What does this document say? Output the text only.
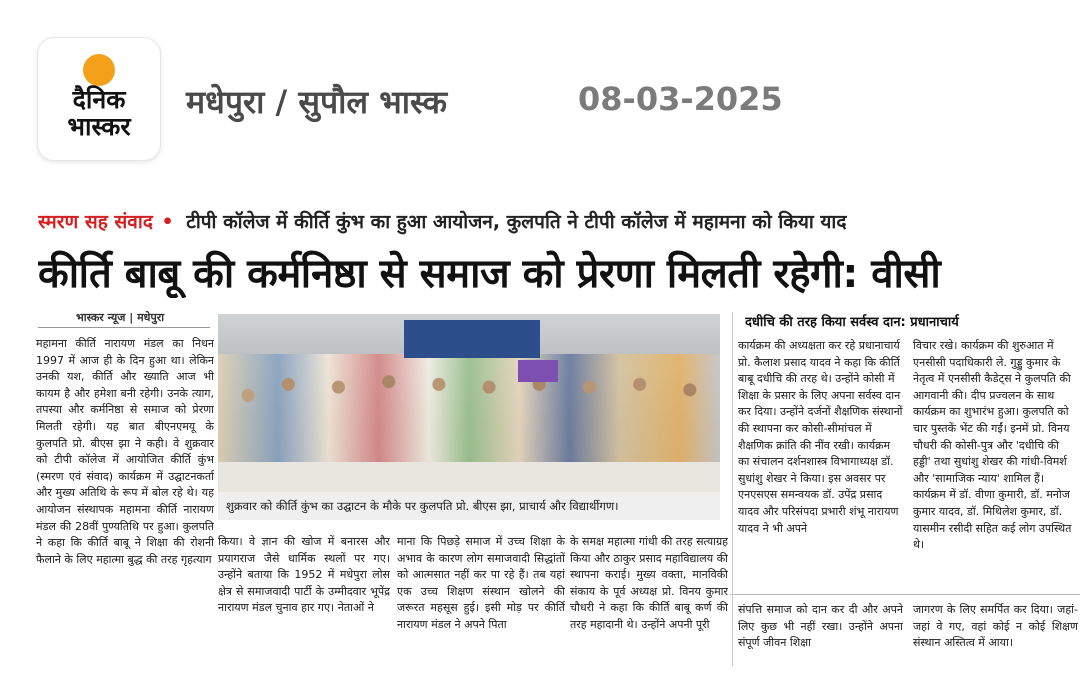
दैनिक भास्कर
मधेपुरा / सुपौल भास्क	08-03-2025
स्मरण सह संवाद • टीपी कॉलेज में कीर्ति कुंभ का हुआ आयोजन, कुलपति ने टीपी कॉलेज में महामना को किया याद
कीर्ति बाबू की कर्मनिष्ठा से समाज को प्रेरणा मिलती रहेगी: वीसी
भास्कर न्यूज | मधेपुरा
महामना कीर्ति नारायण मंडल का निधन 1997 में आज ही के दिन हुआ था। लेकिन उनकी यश, कीर्ति और ख्याति आज भी कायम है और हमेशा बनी रहेगी। उनके त्याग, तपस्या और कर्मनिष्ठा से समाज को प्रेरणा मिलती रहेगी। यह बात बीएनएमयू के कुलपति प्रो. बीएस झा ने कही। वे शुक्रवार को टीपी कॉलेज में आयोजित कीर्ति कुंभ (स्मरण एवं संवाद) कार्यक्रम में उद्घाटनकर्ता और मुख्य अतिथि के रूप में बोल रहे थे। यह आयोजन संस्थापक महामना कीर्ति नारायण मंडल की 28वीं पुण्यतिथि पर हुआ। कुलपति ने कहा कि कीर्ति बाबू ने शिक्षा की रोशनी फैलाने के लिए महात्मा बुद्ध की तरह गृहत्याग
शुक्रवार को कीर्ति कुंभ का उद्घाटन के मौके पर कुलपति प्रो. बीएस झा, प्राचार्य और विद्यार्थीगण।
किया। वे ज्ञान की खोज में बनारस और प्रयागराज जैसे धार्मिक स्थलों पर गए। उन्होंने बताया कि 1952 में मधेपुरा लोस क्षेत्र से समाजवादी पार्टी के उम्मीदवार भूपेंद्र नारायण मंडल चुनाव हार गए। नेताओं ने
माना कि पिछड़े समाज में उच्च शिक्षा के अभाव के कारण लोग समाजवादी सिद्धांतों को आत्मसात नहीं कर पा रहे हैं। तब यहां एक उच्च शिक्षण संस्थान खोलने की जरूरत महसूस हुई। इसी मोड़ पर कीर्ति नारायण मंडल ने अपने पिता
के समक्ष महात्मा गांधी की तरह सत्याग्रह किया और ठाकुर प्रसाद महाविद्यालय की स्थापना कराई। मुख्य वक्ता, मानविकी संकाय के पूर्व अध्यक्ष प्रो. विनय कुमार चौधरी ने कहा कि कीर्ति बाबू कर्ण की तरह महादानी थे। उन्होंने अपनी पूरी
दधीचि की तरह किया सर्वस्व दान: प्रधानाचार्य
कार्यक्रम की अध्यक्षता कर रहे प्रधानाचार्य प्रो. कैलाश प्रसाद यादव ने कहा कि कीर्ति बाबू दधीचि की तरह थे। उन्होंने कोसी में शिक्षा के प्रसार के लिए अपना सर्वस्व दान कर दिया। उन्होंने दर्जनों शैक्षणिक संस्थानों की स्थापना कर कोसी-सीमांचल में शैक्षणिक क्रांति की नींव रखी। कार्यक्रम का संचालन दर्शनशास्त्र विभागाध्यक्ष डॉ. सुधांशु शेखर ने किया। इस अवसर पर एनएसएस समन्वयक डॉ. उपेंद्र प्रसाद यादव और परिसंपदा प्रभारी शंभू नारायण यादव ने भी अपने
विचार रखे। कार्यक्रम की शुरुआत में एनसीसी पदाधिकारी ले. गुड्डु कुमार के नेतृत्व में एनसीसी कैडेट्स ने कुलपति की आगवानी की। दीप प्रज्वलन के साथ कार्यक्रम का शुभारंभ हुआ। कुलपति को चार पुस्तकें भेंट की गईं। इनमें प्रो. विनय चौधरी की कोसी-पुत्र और 'दधीचि की हड्डी' तथा सुधांशु शेखर की गांधी-विमर्श और 'सामाजिक न्याय' शामिल हैं। कार्यक्रम में डॉ. वीणा कुमारी, डॉ. मनोज कुमार यादव, डॉ. मिथिलेश कुमार, डॉ. यासमीन रसीदी सहित कई लोग उपस्थित थे।
संपत्ति समाज को दान कर दी और अपने लिए कुछ भी नहीं रखा। उन्होंने अपना संपूर्ण जीवन शिक्षा
जागरण के लिए समर्पित कर दिया। जहां-जहां वे गए, वहां कोई न कोई शिक्षण संस्थान अस्तित्व में आया।
